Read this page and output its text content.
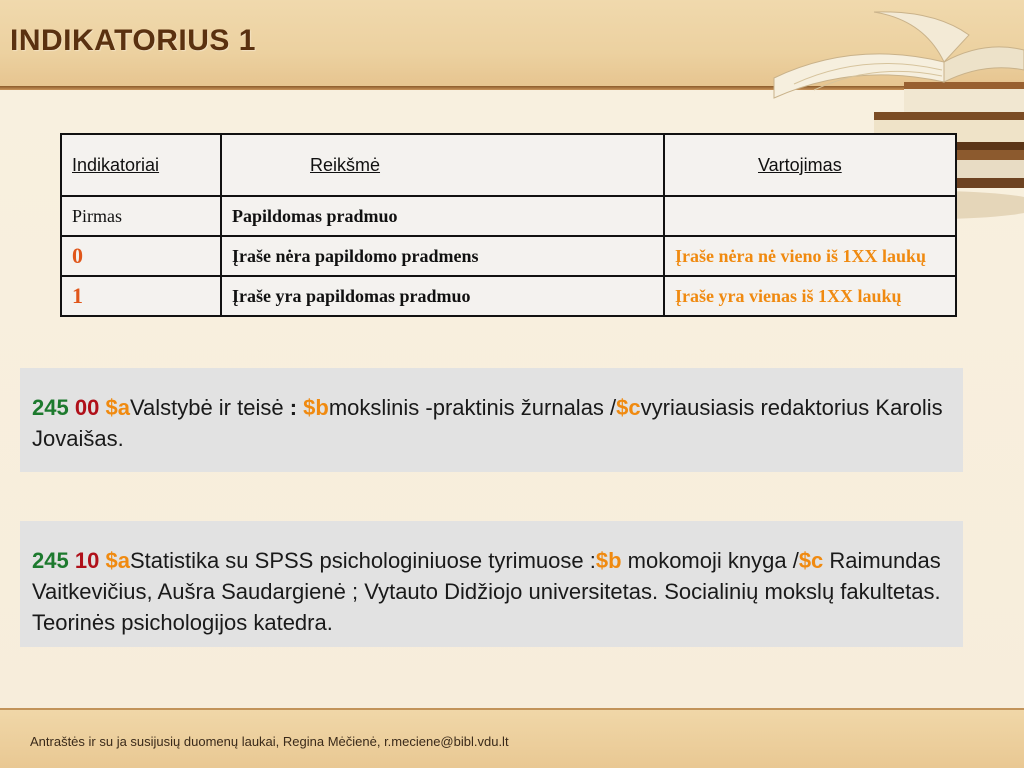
INDIKATORIUS 1
Indikatoriai	Reikšmė	Vartojimas
Pirmas	Papildomas pradmuo	
0	Įraše nėra papildomo pradmens	Įraše nėra nė vieno iš 1XX laukų
1	Įraše yra papildomas pradmuo	Įraše yra vienas iš 1XX laukų
245 00 $aValstybė ir teisė : $bmokslinis -praktinis žurnalas /$cvyriausiasis redaktorius Karolis Jovaišas.
245 10 $aStatistika su SPSS psichologiniuose tyrimuose :$b mokomoji knyga /$c Raimundas Vaitkevičius, Aušra Saudargienė ; Vytauto Didžiojo universitetas. Socialinių mokslų fakultetas. Teorinės psichologijos katedra.
Antraštės ir su ja susijusių duomenų laukai, Regina Mėčienė, r.meciene@bibl.vdu.lt
